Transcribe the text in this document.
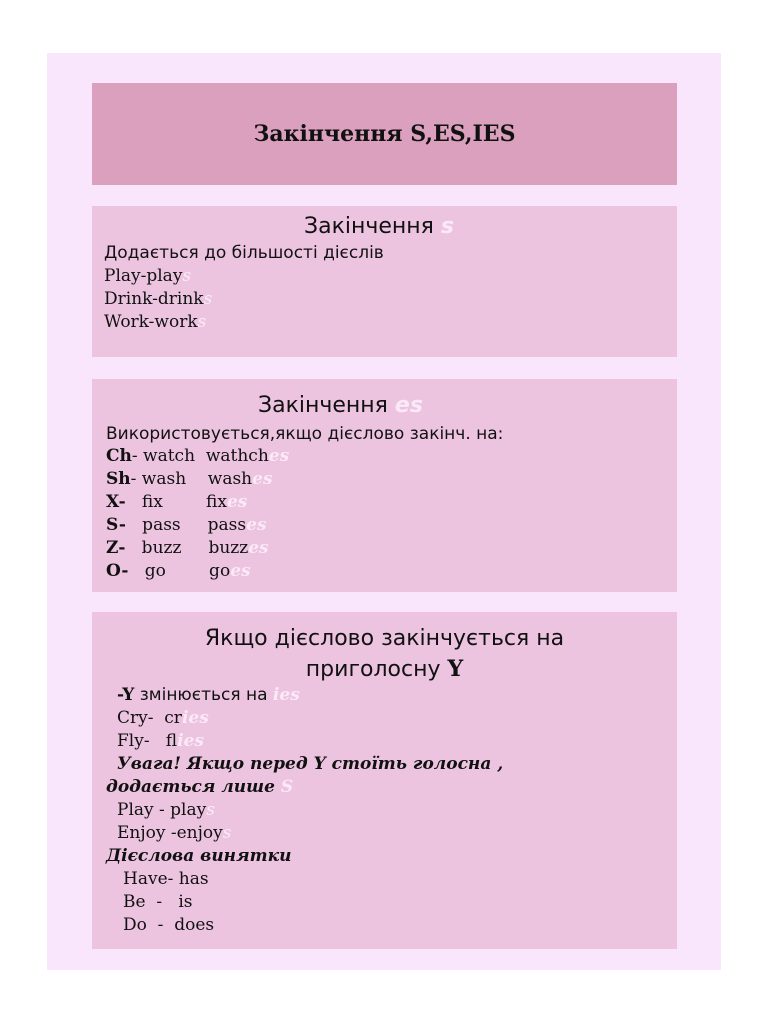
Закінчення S,ES,IES
Закінчення s
Додається до більшості дієслів
Play-plays
Drink-drinks
Work-works
Закінчення es
Використовується,якщо дієслово закінч. на:
Ch- watch  wathches
Sh- wash    washes
X-   fix        fixes
S-   pass     passes
Z-   buzz     buzzes
O-   go        goes
Якщо дієслово закінчується на
приголосну Y
-Y змінюється на ies
Cry-  cries
Fly-   flies
Увага! Якщо перед Y стоїть голосна ,
додається лише S
Play - plays
Enjoy -enjoys
Дієслова винятки
Have- has
Be  -   is
Do  -  does
